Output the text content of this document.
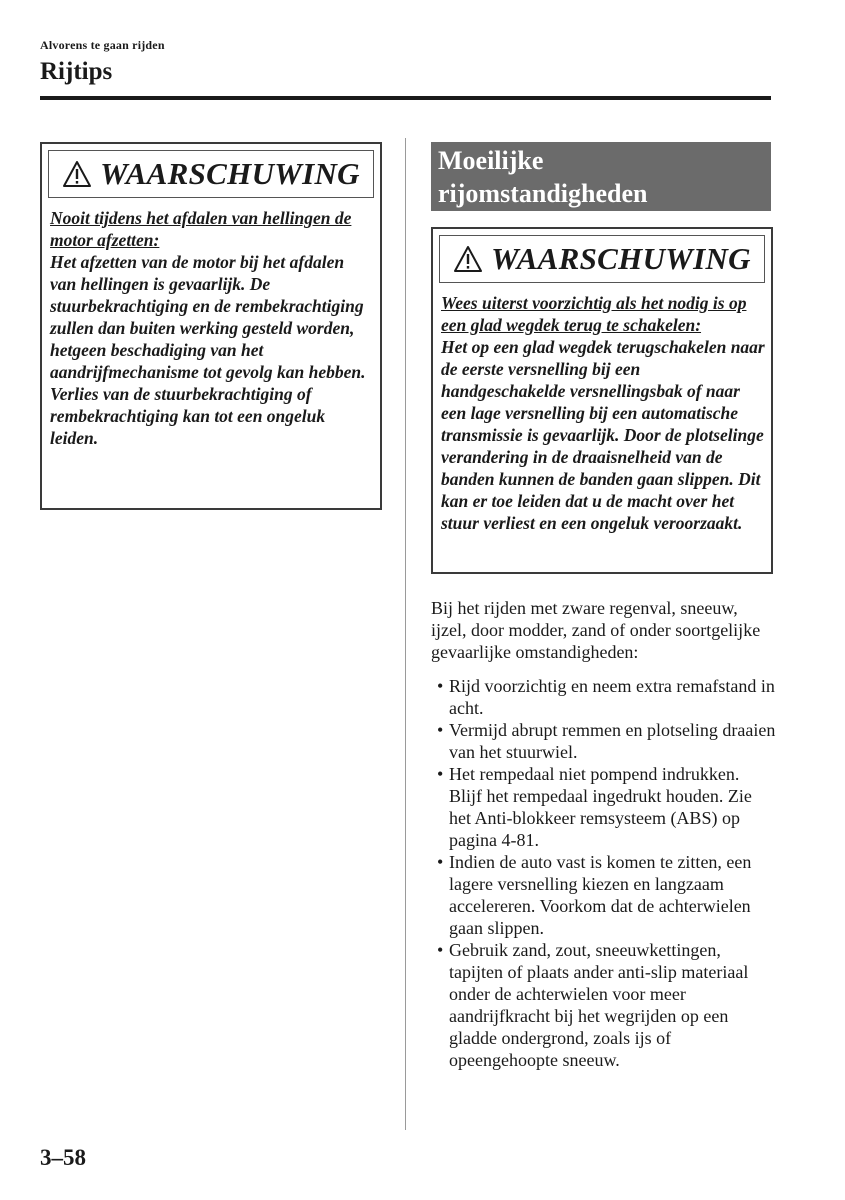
Alvorens te gaan rijden
Rijtips
WAARSCHUWING
Nooit tijdens het afdalen van hellingen de motor afzetten:
Het afzetten van de motor bij het afdalen van hellingen is gevaarlijk. De stuurbekrachtiging en de rembekrachtiging zullen dan buiten werking gesteld worden, hetgeen beschadiging van het aandrijfmechanisme tot gevolg kan hebben. Verlies van de stuurbekrachtiging of rembekrachtiging kan tot een ongeluk leiden.
Moeilijke
rijomstandigheden
WAARSCHUWING
Wees uiterst voorzichtig als het nodig is op een glad wegdek terug te schakelen:
Het op een glad wegdek terugschakelen naar de eerste versnelling bij een handgeschakelde versnellingsbak of naar een lage versnelling bij een automatische transmissie is gevaarlijk. Door de plotselinge verandering in de draaisnelheid van de banden kunnen de banden gaan slippen. Dit kan er toe leiden dat u de macht over het stuur verliest en een ongeluk veroorzaakt.
Bij het rijden met zware regenval, sneeuw, ijzel, door modder, zand of onder soortgelijke gevaarlijke omstandigheden:
• Rijd voorzichtig en neem extra remafstand in acht.
• Vermijd abrupt remmen en plotseling draaien van het stuurwiel.
• Het rempedaal niet pompend indrukken. Blijf het rempedaal ingedrukt houden. Zie het Anti-blokkeer remsysteem (ABS) op pagina 4-81.
• Indien de auto vast is komen te zitten, een lagere versnelling kiezen en langzaam accelereren. Voorkom dat de achterwielen gaan slippen.
• Gebruik zand, zout, sneeuwkettingen, tapijten of plaats ander anti-slip materiaal onder de achterwielen voor meer aandrijfkracht bij het wegrijden op een gladde ondergrond, zoals ijs of opeengehoopte sneeuw.
3–58
